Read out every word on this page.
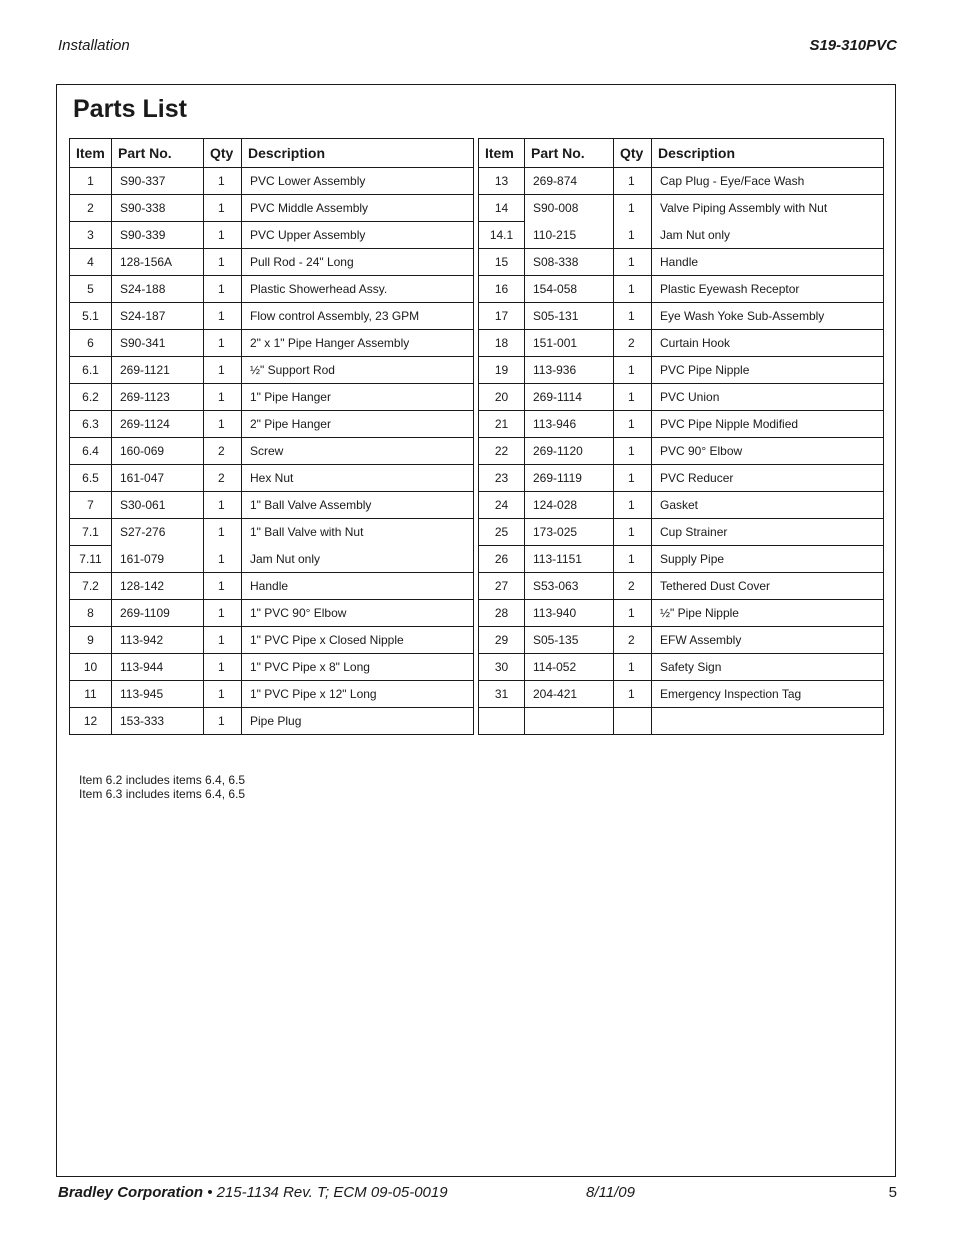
Installation	S19-310PVC
Parts List
Item	Part No.	Qty	Description
1	S90-337	1	PVC Lower Assembly
2	S90-338	1	PVC Middle Assembly
3	S90-339	1	PVC Upper Assembly
4	128-156A	1	Pull Rod - 24" Long
5	S24-188	1	Plastic Showerhead Assy.
5.1	S24-187	1	Flow control Assembly, 23 GPM
6	S90-341	1	2" x 1" Pipe Hanger Assembly
6.1	269-1121	1	½" Support Rod
6.2	269-1123	1	1" Pipe Hanger
6.3	269-1124	1	2" Pipe Hanger
6.4	160-069	2	Screw
6.5	161-047	2	Hex Nut
7	S30-061	1	1" Ball Valve Assembly
7.1	S27-276	1	1" Ball Valve with Nut
7.11	161-079	1	Jam Nut only
7.2	128-142	1	Handle
8	269-1109	1	1" PVC 90° Elbow
9	113-942	1	1" PVC Pipe x Closed Nipple
10	113-944	1	1" PVC Pipe x 8" Long
11	113-945	1	1" PVC Pipe x 12" Long
12	153-333	1	Pipe Plug
Item	Part No.	Qty	Description
13	269-874	1	Cap Plug - Eye/Face Wash
14	S90-008	1	Valve Piping Assembly with Nut
14.1	110-215	1	Jam Nut only
15	S08-338	1	Handle
16	154-058	1	Plastic Eyewash Receptor
17	S05-131	1	Eye Wash Yoke Sub-Assembly
18	151-001	2	Curtain Hook
19	113-936	1	PVC Pipe Nipple
20	269-1114	1	PVC Union
21	113-946	1	PVC Pipe Nipple Modified
22	269-1120	1	PVC 90° Elbow
23	269-1119	1	PVC Reducer
24	124-028	1	Gasket
25	173-025	1	Cup Strainer
26	113-1151	1	Supply Pipe
27	S53-063	2	Tethered Dust Cover
28	113-940	1	½" Pipe Nipple
29	S05-135	2	EFW Assembly
30	114-052	1	Safety Sign
31	204-421	1	Emergency Inspection Tag

Item 6.2 includes items 6.4, 6.5
Item 6.3 includes items 6.4, 6.5
Bradley Corporation • 215-1134 Rev. T; ECM 09-05-0019	8/11/09	5
